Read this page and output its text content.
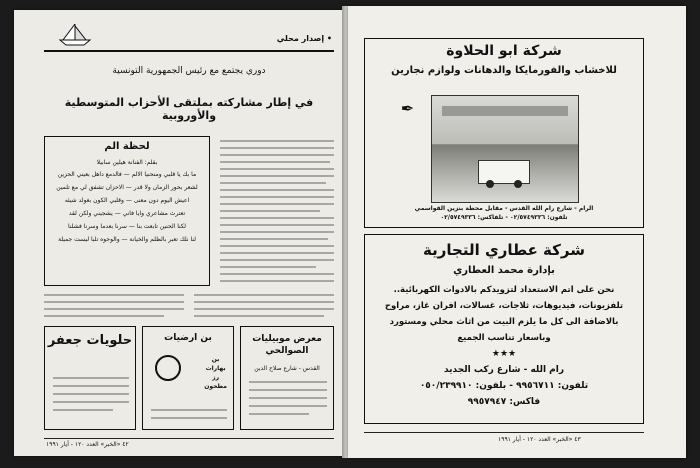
• إصدار محلي
دوري يجتمع مع رئيس الجمهورية التونسية
في إطار مشاركته بملتقى الأحزاب المتوسطية والأوروبية
لحظة الم
بقلم: الفنانة هيلين سابيلا
ما بك يا قلبي ومنحنيا الالم — فالدمع داهل بعيني الحزين
لشعر بحور الزمان ولا قدر — الاحزان تشفق لي مع تلمين
اعيش اليوم دون معنى — وقلبي الكون بغولد شيئه
تعترث مشاعري وايا فاني — يشجيني ولكن لقد
لكنا الحنين تابعت بنا — سرنا بعدما وسرنا فشلنا
لنا نلك تعبر بالظلم والخيانة — والوجوه تلبا ليست جميلة
حلويات جعفر	بن ارضيات
بن
بهارات
رز
مطحون
معرض موبيليات الصوالحي
القدس - شارع صلاح الدين
٤٢ «الخبر» العدد ١٢٠ - أيار ١٩٩١
شركة ابو الحلاوة
للاخشاب والفورمايكا والدهانات ولوازم نجارين
✒︎
الرام - شارع رام الله القدس - مقابل محطة بنزين القواسمي
تلفون: ٠٢/٥٧٤٩٣٣٦ - تلفاكس: ٠٢/٥٧٤٩٣٣٦
شركة عطاري التجارية
بإدارة محمد العطاري
نحن على اتم الاستعداد لتزويدكم بالادوات الكهربائية..
تلفزيونات، فيديوهات، ثلاجات، غسالات، افران غاز، مراوح
بالاضافة الى كل ما يلزم البيت من اثاث محلي ومستورد
وباسعار تناسب الجميع
★★★
رام الله - شارع ركب الجديد
تلفون: ٩٩٥٦٧١١ - بلفون: ٠٥٠/٢٣٩٩١٠
فاكس: ٩٩٥٧٩٤٧
٤٣ «الخبر» العدد ١٢٠ - أيار ١٩٩١
